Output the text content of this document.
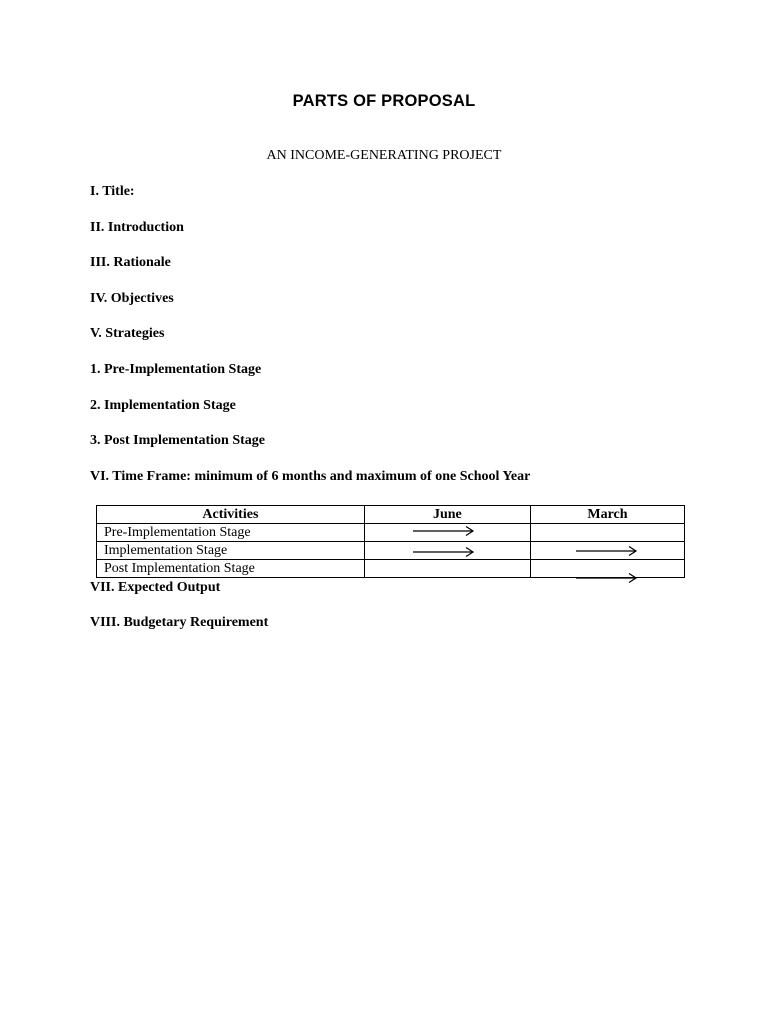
PARTS OF PROPOSAL
AN INCOME-GENERATING PROJECT
I. Title:
II. Introduction
III. Rationale
IV. Objectives
V. Strategies
1. Pre-Implementation Stage
2. Implementation Stage
3. Post Implementation Stage
VI. Time Frame: minimum of 6 months and maximum of one School Year
Activities	June	March
Pre-Implementation Stage	

Implementation Stage	

Post Implementation Stage		
VII. Expected Output
VIII. Budgetary Requirement
